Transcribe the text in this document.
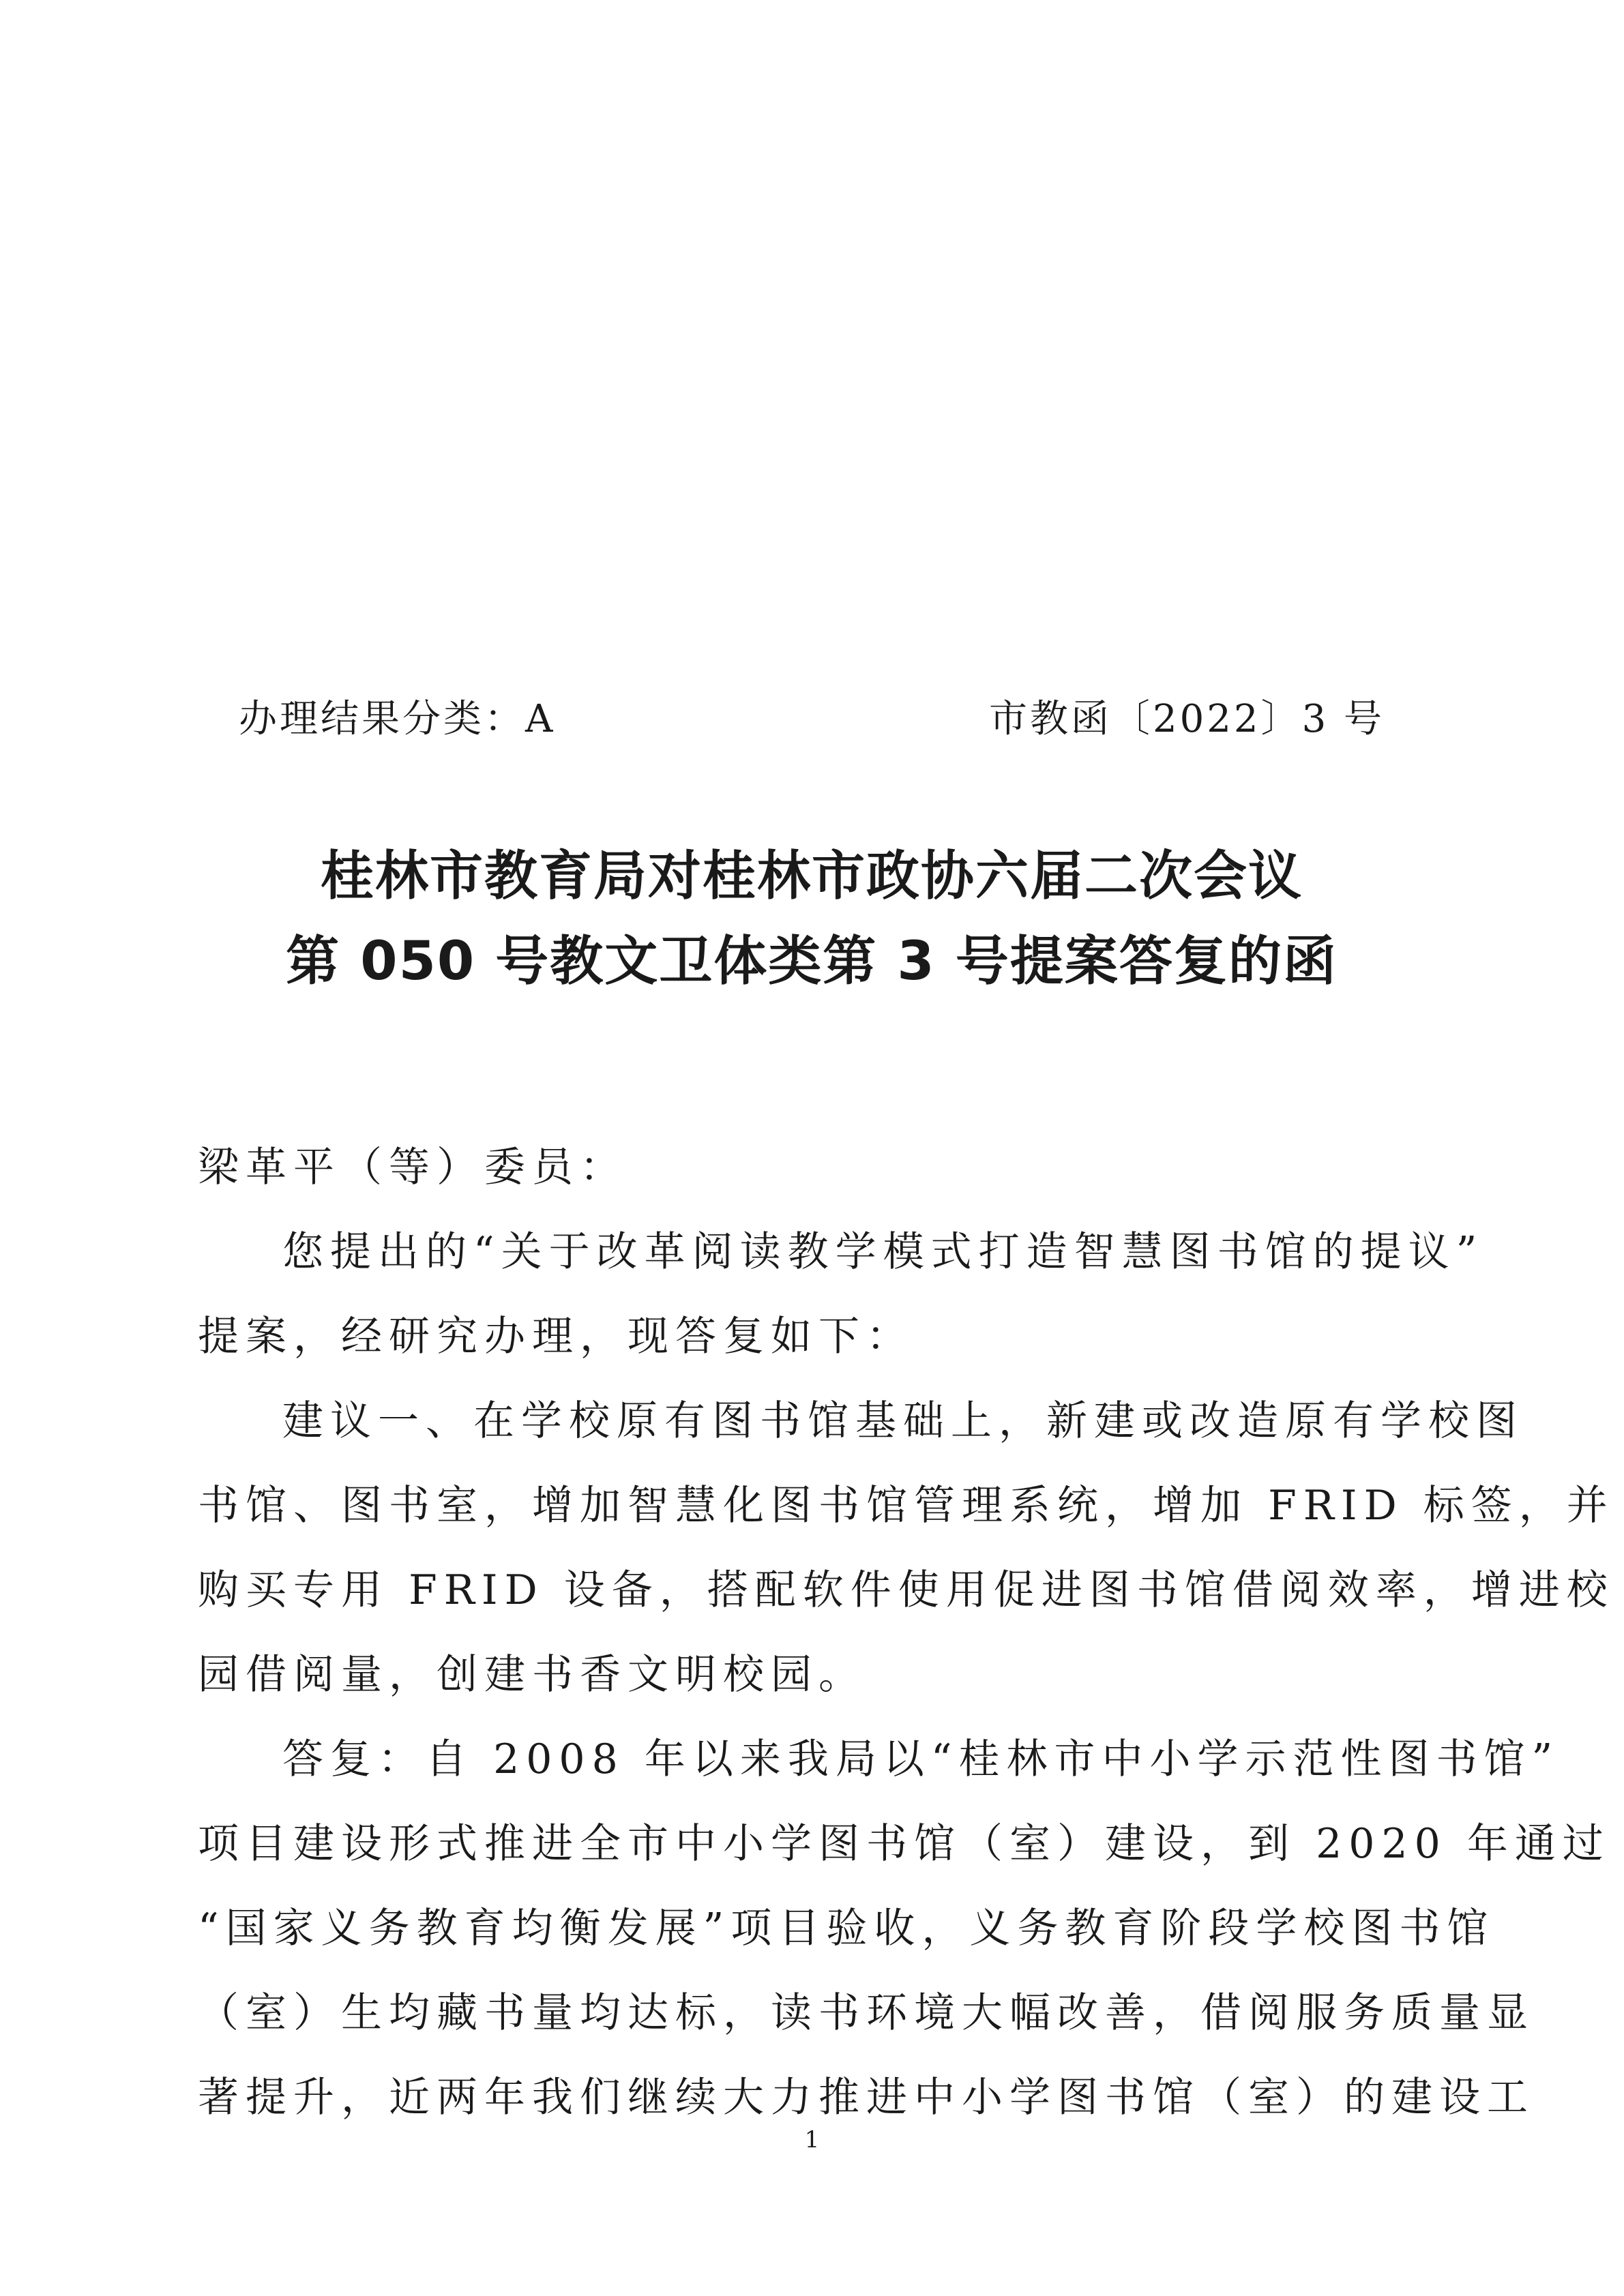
办理结果分类：A	市教函〔2022〕3 号
桂林市教育局对桂林市政协六届二次会议
第 050 号教文卫体类第 3 号提案答复的函
梁革平（等）委员：
您提出的“关于改革阅读教学模式打造智慧图书馆的提议”
提案，经研究办理，现答复如下：
建议一、在学校原有图书馆基础上，新建或改造原有学校图
书馆、图书室，增加智慧化图书馆管理系统，增加 FRID 标签，并
购买专用 FRID 设备，搭配软件使用促进图书馆借阅效率，增进校
园借阅量，创建书香文明校园。
答复：自 2008 年以来我局以“桂林市中小学示范性图书馆”
项目建设形式推进全市中小学图书馆（室）建设，到 2020 年通过
“国家义务教育均衡发展”项目验收，义务教育阶段学校图书馆
（室）生均藏书量均达标，读书环境大幅改善，借阅服务质量显
著提升，近两年我们继续大力推进中小学图书馆（室）的建设工
1
